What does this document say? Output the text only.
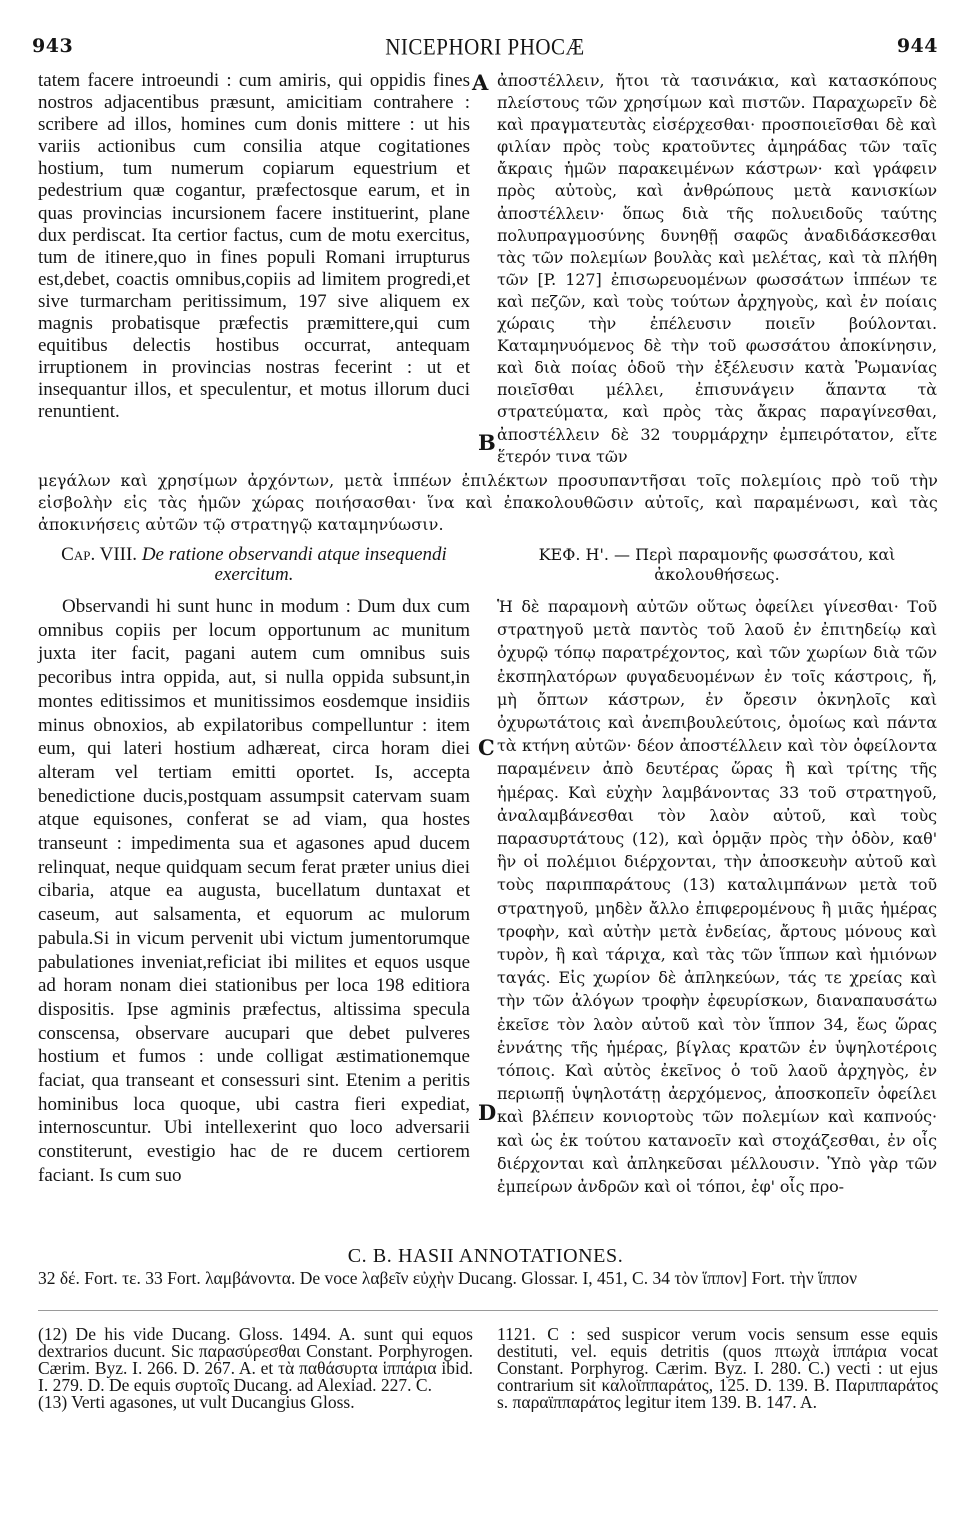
943	NICEPHORI PHOCÆ	944
tatem facere introeundi : cum amiris, qui oppidis fines nostros adjacentibus præsunt, amicitiam contrahere : scribere ad illos, homines cum donis mittere : ut his variis actionibus cum consilia atque cogitationes hostium, tum numerum copiarum equestrium et pedestrium quæ cogantur, præfectosque earum, et in quas provincias incursionem facere instituerint, plane dux perdiscat. Ita certior factus, cum de motu exercitus, tum de itinere,quo in fines populi Romani irrupturus est,debet, coactis omnibus,copiis ad limitem progredi,et sive turmarcham peritissimum, 197 sive aliquem ex magnis probatisque præfectis præmittere,qui cum equitibus delectis hostibus occurrat, antequam irruptionem in provincias nostras fecerint : ut et insequantur illos, et speculentur, et motus illorum duci renuntient.
ἀποστέλλειν, ἤτοι τὰ τασινάκια, καὶ κατασκόπους πλείστους τῶν χρησίμων καὶ πιστῶν. Παραχωρεῖν δὲ καὶ πραγματευτὰς εἰσέρχεσθαι· προσποιεῖσθαι δὲ καὶ φιλίαν πρὸς τοὺς κρατοῦντες ἀμηράδας τῶν ταῖς ἄκραις ἡμῶν παρακειμένων κάστρων· καὶ γράφειν πρὸς αὐτοὺς, καὶ ἀνθρώπους μετὰ κανισκίων ἀποστέλλειν· ὅπως διὰ τῆς πολυειδοῦς ταύτης πολυπραγμοσύνης δυνηθῇ σαφῶς ἀναδιδάσκεσθαι τὰς τῶν πολεμίων βουλὰς καὶ μελέτας, καὶ τὰ πλήθη τῶν [P. 127] ἐπισωρευομένων φωσσάτων ἱππέων τε καὶ πεζῶν, καὶ τοὺς τούτων ἀρχηγοὺς, καὶ ἐν ποίαις χώραις τὴν ἐπέλευσιν ποιεῖν βούλονται. Καταμηνυόμενος δὲ τὴν τοῦ φωσσάτου ἀποκίνησιν, καὶ διὰ ποίας ὁδοῦ τὴν ἐξέλευσιν κατὰ Ῥωμανίας ποιεῖσθαι μέλλει, ἐπισυνάγειν ἅπαντα τὰ στρατεύματα, καὶ πρὸς τὰς ἄκρας παραγίνεσθαι, ἀποστέλλειν δὲ 32 τουρμάρχην ἐμπειρότατον, εἴτε ἕτερόν τινα τῶν
A
B
μεγάλων καὶ χρησίμων ἀρχόντων, μετὰ ἱππέων ἐπιλέκτων προσυπαντῆσαι τοῖς πολεμίοις πρὸ τοῦ τὴν εἰσβολὴν εἰς τὰς ἡμῶν χώρας ποιήσασθαι· ἵνα καὶ ἐπακολουθῶσιν αὐτοῖς, καὶ παραμένωσι, καὶ τὰς ἀποκινήσεις αὐτῶν τῷ στρατηγῷ καταμηνύωσιν.
Cap. VIII. De ratione observandi atque insequendi exercitum.
ΚΕΦ. Η'. — Περὶ παραμονῆς φωσσάτου, καὶ ἀκολουθήσεως.
Observandi hi sunt hunc in modum : Dum dux cum omnibus copiis per locum opportunum ac munitum juxta iter facit, pagani autem cum omnibus suis pecoribus intra oppida, aut, si nulla oppida subsunt,in montes editissimos et munitissimos eosdemque insidiis minus obnoxios, ab expilatoribus compelluntur : item eum, qui lateri hostium adhæreat, circa horam diei alteram vel tertiam emitti oportet. Is, accepta benedictione ducis,postquam assumpsit catervam suam atque equisones, conferat se ad viam, qua hostes transeunt : impedimenta sua et agasones apud ducem relinquat, neque quidquam secum ferat præter unius diei cibaria, atque ea augusta, bucellatum duntaxat et caseum, aut salsamenta, et equorum ac mulorum pabula.Si in vicum pervenit ubi victum jumentorumque pabulationes inveniat,reficiat ibi milites et equos usque ad horam nonam diei stationibus per loca 198 editiora dispositis. Ipse agminis præfectus, altissima specula conscensa, observare aucupari que debet pulveres hostium et fumos : unde colligat æstimationemque faciat, qua transeant et consessuri sint. Etenim a peritis hominibus loca quoque, ubi castra fieri expediat, internoscuntur. Ubi intellexerint quo loco adversarii constiterunt, evestigio hac de re ducem certiorem faciant. Is cum suo
Ἡ δὲ παραμονὴ αὐτῶν οὕτως ὀφείλει γίνεσθαι· Τοῦ στρατηγοῦ μετὰ παντὸς τοῦ λαοῦ ἐν ἐπιτηδείῳ καὶ ὀχυρῷ τόπῳ παρατρέχοντος, καὶ τῶν χωρίων διὰ τῶν ἐκσπηλατόρων φυγαδευομένων ἐν τοῖς κάστροις, ἤ, μὴ ὄπτων κάστρων, ἐν ὄρεσιν ὀκνηλοῖς καὶ ὀχυρωτάτοις καὶ ἀνεπιβουλεύτοις, ὁμοίως καὶ πάντα τὰ κτήνη αὐτῶν· δέον ἀποστέλλειν καὶ τὸν ὀφείλοντα παραμένειν ἀπὸ δευτέρας ὥρας ἢ καὶ τρίτης τῆς ἡμέρας. Καὶ εὐχὴν λαμβάνοντας 33 τοῦ στρατηγοῦ, ἀναλαμβάνεσθαι τὸν λαὸν αὐτοῦ, καὶ τοὺς παρασυρτάτους (12), καὶ ὁρμᾷν πρὸς τὴν ὁδὸν, καθ' ἣν οἱ πολέμιοι διέρχονται, τὴν ἀποσκευὴν αὐτοῦ καὶ τοὺς παριππαράτους (13) καταλιμπάνων μετὰ τοῦ στρατηγοῦ, μηδὲν ἄλλο ἐπιφερομένους ἢ μιᾶς ἡμέρας τροφὴν, καὶ αὐτὴν μετὰ ἐνδείας, ἄρτους μόνους καὶ τυρὸν, ἢ καὶ τάριχα, καὶ τὰς τῶν ἵππων καὶ ἡμιόνων ταγάς. Εἰς χωρίον δὲ ἀπληκεύων, τάς τε χρείας καὶ τὴν τῶν ἀλόγων τροφὴν ἐφευρίσκων, διαναπαυσάτω ἐκεῖσε τὸν λαὸν αὐτοῦ καὶ τὸν ἵππον 34, ἕως ὥρας ἐννάτης τῆς ἡμέρας, βίγλας κρατῶν ἐν ὑψηλοτέροις τόποις. Καὶ αὐτὸς ἐκεῖνος ὁ τοῦ λαοῦ ἀρχηγὸς, ἐν περιωπῇ ὑψηλοτάτῃ ἀερχόμενος, ἀποσκοπεῖν ὀφείλει καὶ βλέπειν κονιορτοὺς τῶν πολεμίων καὶ καπνούς· καὶ ὡς ἐκ τούτου κατανοεῖν καὶ στοχάζεσθαι, ἐν οἷς διέρχονται καὶ ἀπληκεῦσαι μέλλουσιν. Ὑπὸ γὰρ τῶν ἐμπείρων ἀνδρῶν καὶ οἱ τόποι, ἐφ' οἷς προ-
C
D
C. B. HASII ANNOTATIONES.
32 δέ. Fort. τε. 33 Fort. λαμβάνοντα. De voce λαβεῖν εὐχὴν Ducang. Glossar. I, 451, C. 34 τὸν ἵππον] Fort. τὴν ἵππον

(12) De his vide Ducang. Gloss. 1494. A. sunt qui equos dextrarios ducunt. Sic παρασύρεσθαι Constant. Porphyrogen. Cærim. Byz. I. 266. D. 267. A. et τὰ παθάσυρτα ἱππάρια ibid. I. 279. D. De equis συρτοῖς Ducang. ad Alexiad. 227. C.

(13) Verti agasones, ut vult Ducangius Gloss.

1121. C : sed suspicor verum vocis sensum esse equis destituti, vel. equis detritis (quos πτωχὰ ἱππάρια vocat Constant. Porphyrog. Cærim. Byz. I. 280. C.) vecti : ut ejus contrarium sit καλοϊππαράτος, 125. D. 139. B. Παριππαράτος s. παραϊππαράτος legitur item 139. B. 147. A.
